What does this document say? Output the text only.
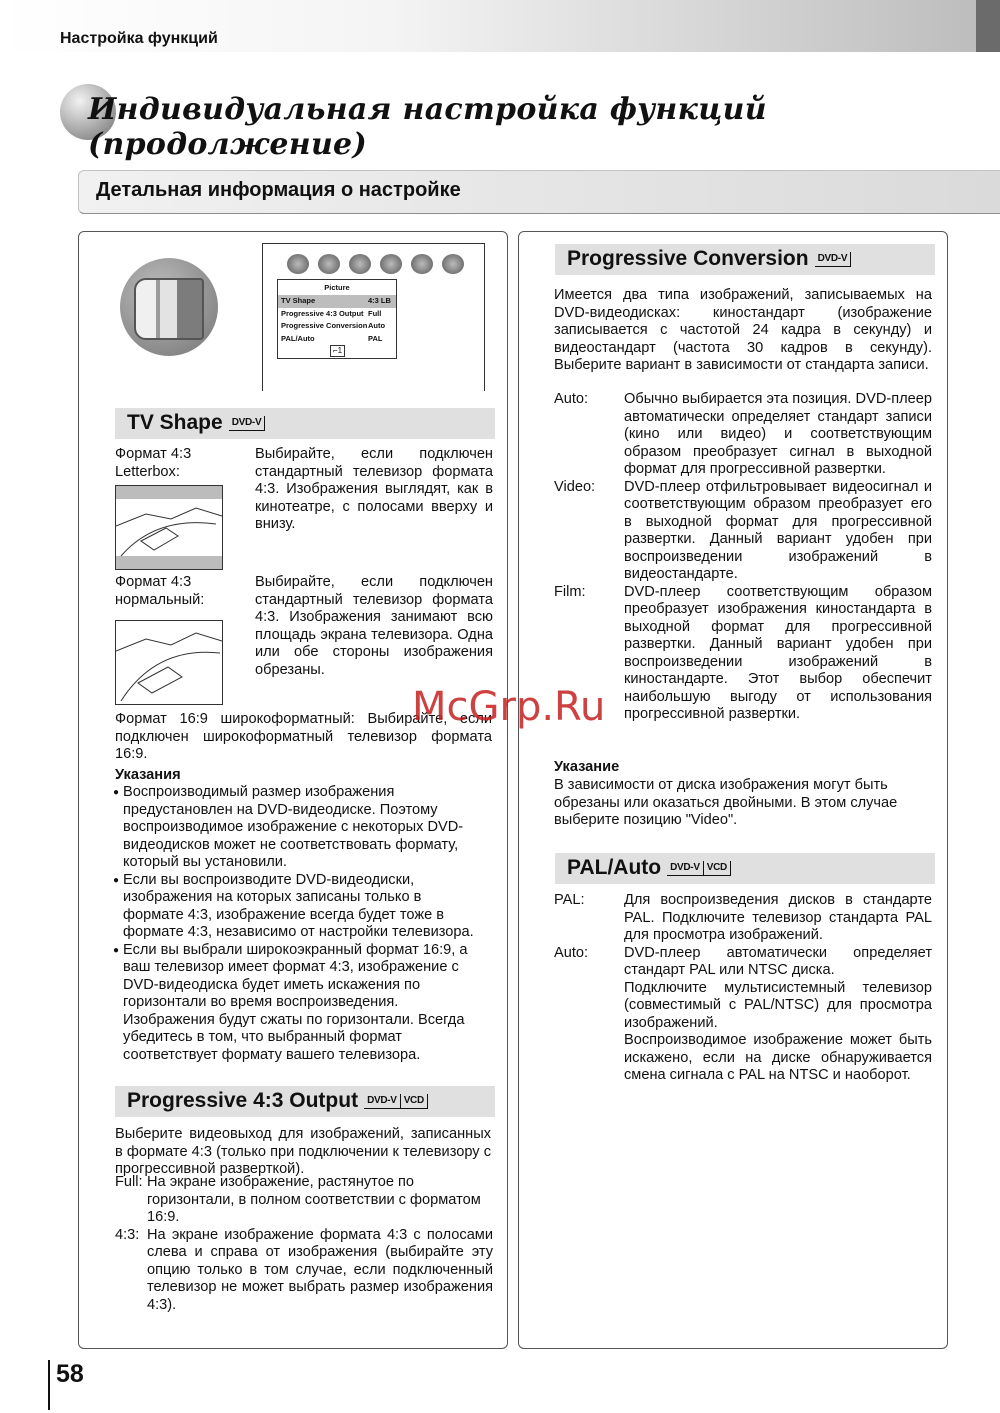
Настройка функций
Индивидуальная настройка функций (продолжение)
Детальная информация о настройке
Picture
TV Shape	4:3 LB
Progressive 4:3 Output Full
Progressive Conversion Auto
PAL/Auto	PAL
⌐1
TV Shape DVD-V
Формат 4:3 Letterbox:
Выбирайте, если подключен стандартный телевизор формата 4:3. Изображения выглядят, как в кинотеатре, с полосами вверху и внизу.
Формат 4:3 нормальный:
Выбирайте, если подключен стандартный телевизор формата 4:3. Изображения занимают всю площадь экрана телевизора. Одна или обе стороны изображения обрезаны.
Формат 16:9 широкоформатный: Выбирайте, если подключен широкоформатный телевизор формата 16:9.
Указания
● Воспроизводимый размер изображения предустановлен на DVD-видеодиске. Поэтому воспроизводимое изображение с некоторых DVD-видеодисков может не соответствовать формату, который вы установили.
● Если вы воспроизводите DVD-видеодиски, изображения на которых записаны только в формате 4:3, изображение всегда будет тоже в формате 4:3, независимо от настройки телевизора.
● Если вы выбрали широкоэкранный формат 16:9, а ваш телевизор имеет формат 4:3, изображение с DVD-видеодиска будет иметь искажения по горизонтали во время воспроизведения. Изображения будут сжаты по горизонтали. Всегда убедитесь в том, что выбранный формат соответствует формату вашего телевизора.
Progressive 4:3 Output DVD-V VCD
Выберите видеовыход для изображений, записанных в формате 4:3 (только при подключении к телевизору с прогрессивной разверткой).
Full: На экране изображение, растянутое по горизонтали, в полном соответствии с форматом 16:9.
4:3: На экране изображение формата 4:3 с полосами слева и справа от изображения (выбирайте эту опцию только в том случае, если подключенный телевизор не может выбрать размер изображения 4:3).
Progressive Conversion DVD-V
Имеется два типа изображений, записываемых на DVD-видеодисках: киностандарт (изображение записывается с частотой 24 кадра в секунду) и видеостандарт (частота 30 кадров в секунду). Выберите вариант в зависимости от стандарта записи.
Auto: Обычно выбирается эта позиция. DVD-плеер автоматически определяет стандарт записи (кино или видео) и соответствующим образом преобразует сигнал в выходной формат для прогрессивной развертки.
Video: DVD-плеер отфильтровывает видеосигнал и соответствующим образом преобразует его в выходной формат для прогрессивной развертки. Данный вариант удобен при воспроизведении изображений в видеостандарте.
Film:	DVD-плеер соответствующим образом преобразует изображения киностандарта в выходной формат для прогрессивной развертки. Данный вариант удобен при воспроизведении изображений в киностандарте. Этот выбор обеспечит наибольшую выгоду от использования прогрессивной развертки.
Указание
В зависимости от диска изображения могут быть обрезаны или оказаться двойными. В этом случае выберите позицию "Video".
PAL/Auto DVD-V VCD
PAL:	Для воспроизведения дисков в стандарте PAL. Подключите телевизор стандарта PAL для просмотра изображений.
Auto: DVD-плеер автоматически определяет стандарт PAL или NTSC диска.
Подключите мультисистемный телевизор (совместимый с PAL/NTSC) для просмотра изображений.
Воспроизводимое изображение может быть искажено, если на диске обнаруживается смена сигнала с PAL на NTSC и наоборот.
McGrp.Ru
58
